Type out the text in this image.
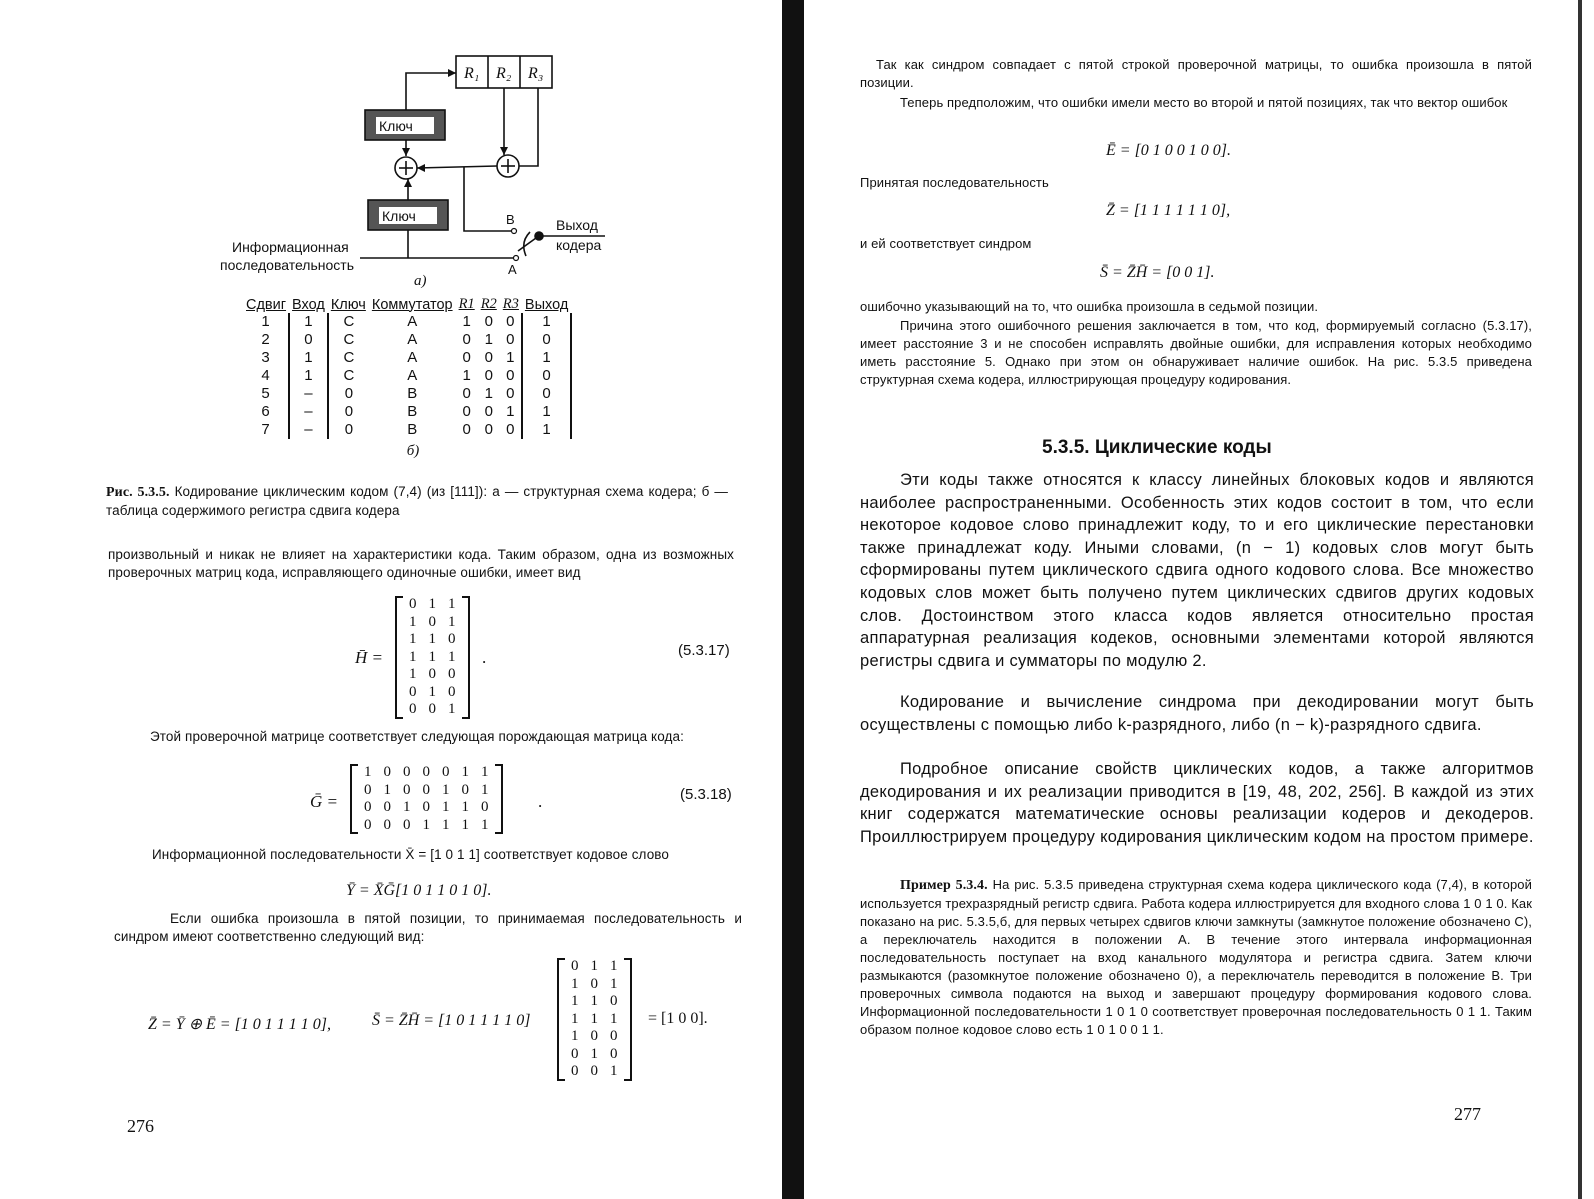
R₁ R₂ R₃
Ключ
Ключ	B
A
Выход
кодера
Информационная
последовательность
a)
Сдвиг	Вход	Ключ	Коммутатор	R1	R2	R3	Выход
1	1	C	A	1	0	0	1
2	0	C	A	0	1	0	0
3	1	C	A	0	0	1	1
4	1	C	A	1	0	0	0
5	–	0	B	0	1	0	0
6	–	0	B	0	0	1	1
7	–	0	B	0	0	0	1
б)
Рис. 5.3.5. Кодирование циклическим кодом (7,4) (из [111]): а — структурная схема кодера; б — таблица содержимого регистра сдвига кодера

произвольный и никак не влияет на характеристики кода. Таким образом, одна из возможных проверочных матриц кода, исправляющего одиночные ошибки, имеет вид

H̄ =
0	1	1
1	0	1
1	1	0
1	1	1
1	0	0
0	1	0
0	0	1
.	(5.3.17)

Этой проверочной матрице соответствует следующая порождающая матрица кода:

Ḡ =
1	0	0	0	0	1	1
0	1	0	0	1	0	1
0	0	1	0	1	1	0
0	0	0	1	1	1	1
.	(5.3.18)

Информационной последовательности X̄ = [1 0 1 1] соответствует кодовое слово

Ȳ = X̄Ḡ[1 0 1 1 0 1 0].

Если ошибка произошла в пятой позиции, то принимаемая последовательность и синдром имеют соответственно следующий вид:

Z̄ = Ȳ ⊕ Ē = [1 0 1 1 1 1 0],	S̄ = Z̄H̄ = [1 0 1 1 1 1 0]
0	1	1
1	0	1
1	1	0
1	1	1
1	0	0
0	1	0
0	0	1
= [1 0 0].
276

Так как синдром совпадает с пятой строкой проверочной матрицы, то ошибка произошла в пятой позиции.

Теперь предположим, что ошибки имели место во второй и пятой позициях, так что вектор ошибок

Ē = [0 1 0 0 1 0 0].

Принятая последовательность

Z̄ = [1 1 1 1 1 1 0],

и ей соответствует синдром

S̄ = Z̄H̄ = [0 0 1].

ошибочно указывающий на то, что ошибка произошла в седьмой позиции.

Причина этого ошибочного решения заключается в том, что код, формируемый согласно (5.3.17), имеет расстояние 3 и не способен исправлять двойные ошибки, для исправления которых необходимо иметь расстояние 5. Однако при этом он обнаруживает наличие ошибок. На рис. 5.3.5 приведена структурная схема кодера, иллюстрирующая процедуру кодирования.

5.3.5. Циклические коды

Эти коды также относятся к классу линейных блоковых кодов и являются наиболее распространенными. Особенность этих кодов состоит в том, что если некоторое кодовое слово принадлежит коду, то и его циклические перестановки также принадлежат коду. Иными словами, (n − 1) кодовых слов могут быть сформированы путем циклического сдвига одного кодового слова. Все множество кодовых слов может быть получено путем циклических сдвигов других кодовых слов. Достоинством этого класса кодов является относительно простая аппаратурная реализация кодеков, основными элементами которой являются регистры сдвига и сумматоры по модулю 2.

Кодирование и вычисление синдрома при декодировании могут быть осуществлены с помощью либо k-разрядного, либо (n − k)-разрядного сдвига.

Подробное описание свойств циклических кодов, а также алгоритмов декодирования и их реализации приводится в [19, 48, 202, 256]. В каждой из этих книг содержатся математические основы реализации кодеров и декодеров. Проиллюстрируем процедуру кодирования циклическим кодом на простом примере.

Пример 5.3.4. На рис. 5.3.5 приведена структурная схема кодера циклического кода (7,4), в которой используется трехразрядный регистр сдвига. Работа кодера иллюстрируется для входного слова 1 0 1 0. Как показано на рис. 5.3.5,б, для первых четырех сдвигов ключи замкнуты (замкнутое положение обозначено C), а переключатель находится в положении A. В течение этого интервала информационная последовательность поступает на вход канального модулятора и регистра сдвига. Затем ключи размыкаются (разомкнутое положение обозначено 0), а переключатель переводится в положение B. Три проверочных символа подаются на выход и завершают процедуру формирования кодового слова. Информационной последовательности 1 0 1 0 соответствует проверочная последовательность 0 1 1. Таким образом полное кодовое слово есть 1 0 1 0 0 1 1.
277
